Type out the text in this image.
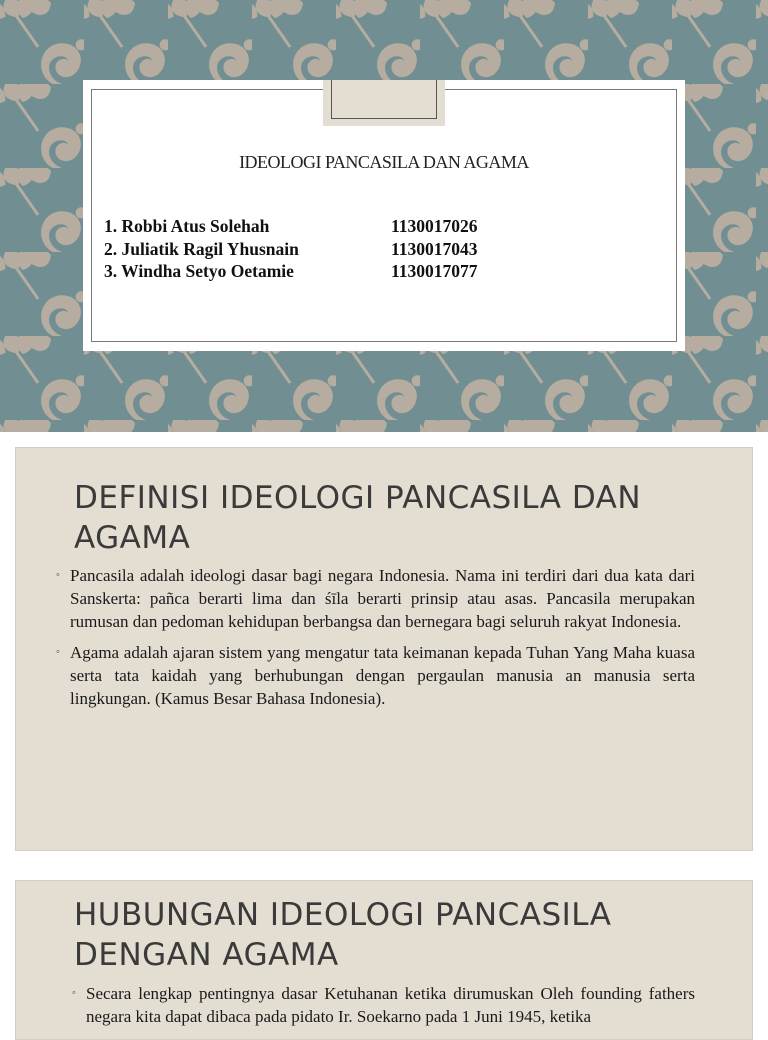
IDEOLOGI PANCASILA DAN AGAMA
1. Robbi Atus Solehah	1130017026
2. Juliatik Ragil Yhusnain	1130017043
3. Windha Setyo Oetamie	1130017077
DEFINISI IDEOLOGI PANCASILA DAN
AGAMA
◦ Pancasila adalah ideologi dasar bagi negara Indonesia. Nama ini terdiri dari dua kata dari Sanskerta: pañca berarti lima dan śīla berarti prinsip atau asas. Pancasila merupakan rumusan dan pedoman kehidupan berbangsa dan bernegara bagi seluruh rakyat Indonesia.
◦ Agama adalah ajaran sistem yang mengatur tata keimanan kepada Tuhan Yang Maha kuasa serta tata kaidah yang berhubungan dengan pergaulan manusia an manusia serta lingkungan. (Kamus Besar Bahasa Indonesia).
HUBUNGAN IDEOLOGI PANCASILA
DENGAN AGAMA
◦ Secara lengkap pentingnya dasar Ketuhanan ketika dirumuskan Oleh founding fathers negara kita dapat dibaca pada pidato Ir. Soekarno pada 1 Juni 1945, ketika
